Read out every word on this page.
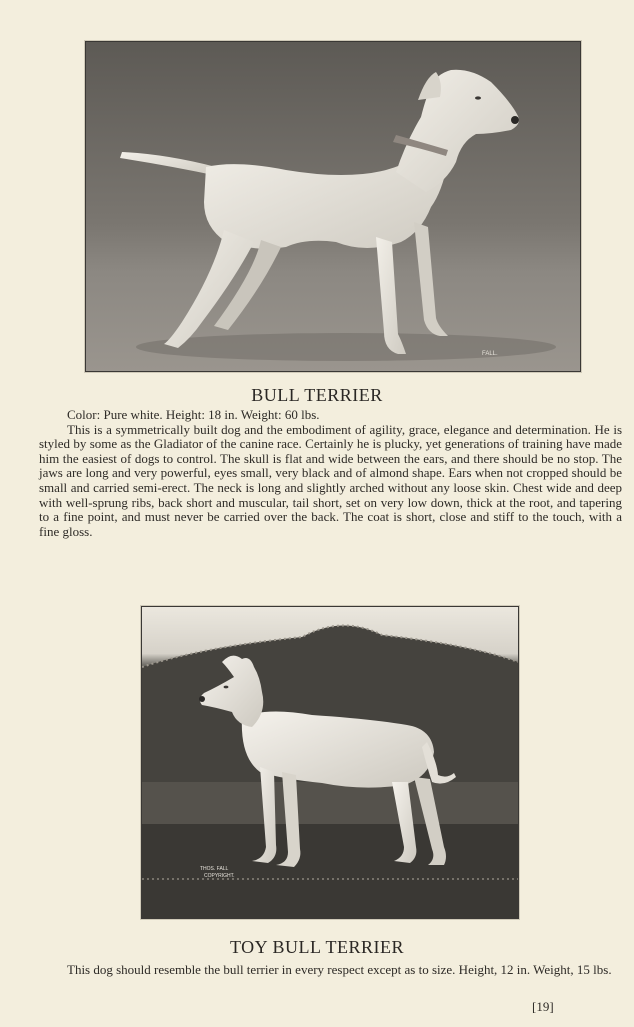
FALL.
BULL TERRIER

Color: Pure white. Height: 18 in. Weight: 60 lbs.

This is a symmetrically built dog and the embodiment of agility, grace, elegance and determination. He is styled by some as the Gladiator of the canine race. Certainly he is plucky, yet generations of training have made him the easiest of dogs to control. The skull is flat and wide between the ears, and there should be no stop. The jaws are long and very powerful, eyes small, very black and of almond shape. Ears when not cropped should be small and carried semi-erect. The neck is long and slightly arched without any loose skin. Chest wide and deep with well-sprung ribs, back short and muscular, tail short, set on very low down, thick at the root, and tapering to a fine point, and must never be carried over the back. The coat is short, close and stiff to the touch, with a fine gloss.

THOS. FALL
COPYRIGHT.
TOY BULL TERRIER

This dog should resemble the bull terrier in every respect except as to size. Height, 12 in. Weight, 15 lbs.

[19]
